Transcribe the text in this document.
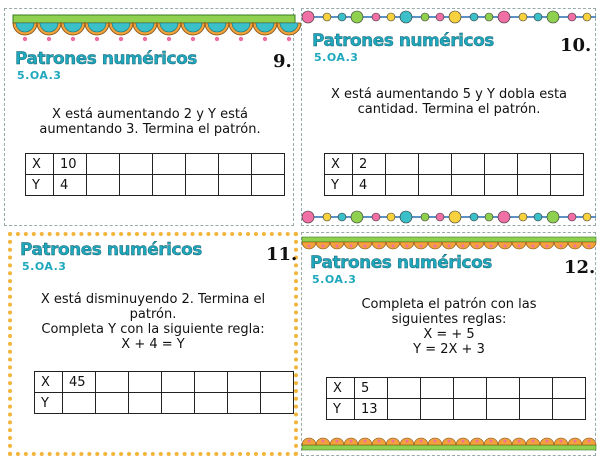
Patrones numéricos
5.OA.3
9.
X está aumentando 2 y Y está
aumentando 3. Termina el patrón.
X	10						
Y	4						
Patrones numéricos
5.OA.3
10.
X está aumentando 5 y Y dobla esta
cantidad. Termina el patrón.
X	2						
Y	4						
Patrones numéricos
5.OA.3
11.
X está disminuyendo 2. Termina el
patrón.
Completa Y con la siguiente regla:
X + 4 = Y
X	45						
Y							
Patrones numéricos
5.OA.3
12.
Completa el patrón con las
siguientes reglas:
X = + 5
Y = 2X + 3
X	5						
Y	13						
